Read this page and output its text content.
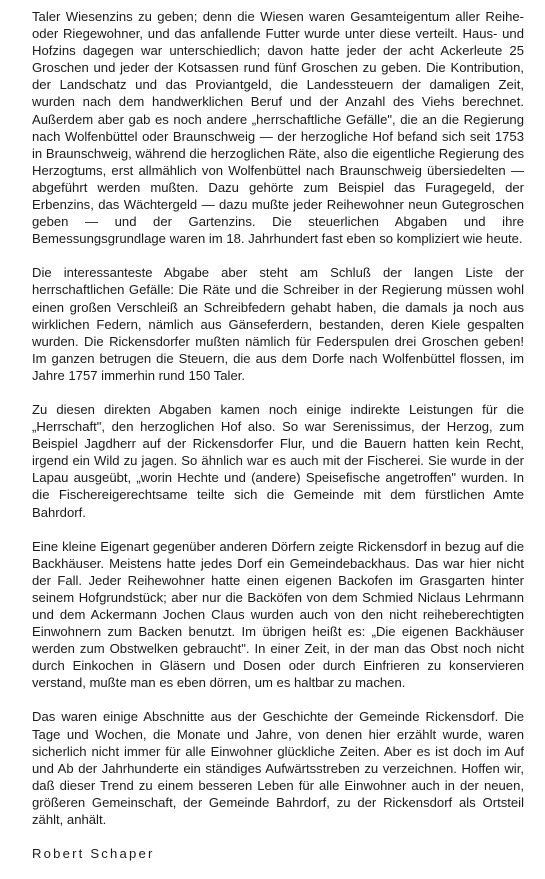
Taler Wiesenzins zu geben; denn die Wiesen waren Gesamteigentum aller Reihe- oder Riegewohner, und das anfallende Futter wurde unter diese verteilt. Haus- und Hofzins dagegen war unterschiedlich; davon hatte jeder der acht Ackerleute 25 Groschen und jeder der Kotsassen rund fünf Groschen zu geben. Die Kontribution, der Landschatz und das Proviantgeld, die Landessteuern der damaligen Zeit, wurden nach dem handwerklichen Beruf und der Anzahl des Viehs berechnet. Außerdem aber gab es noch andere „herrschaftliche Gefälle", die an die Regierung nach Wolfenbüttel oder Braunschweig — der herzogliche Hof befand sich seit 1753 in Braunschweig, während die herzoglichen Räte, also die eigentliche Regierung des Herzogtums, erst allmählich von Wolfenbüttel nach Braunschweig übersiedelten — abgeführt werden mußten. Dazu gehörte zum Beispiel das Furagegeld, der Erbenzins, das Wächtergeld — dazu mußte jeder Reihewohner neun Gutegroschen geben — und der Gartenzins. Die steuerlichen Abgaben und ihre Bemessungsgrundlage waren im 18. Jahrhundert fast eben so kompliziert wie heute.

Die interessanteste Abgabe aber steht am Schluß der langen Liste der herrschaftlichen Gefälle: Die Räte und die Schreiber in der Regierung müssen wohl einen großen Verschleiß an Schreibfedern gehabt haben, die damals ja noch aus wirklichen Federn, nämlich aus Gänseferdern, bestanden, deren Kiele gespalten wurden. Die Rickensdorfer mußten nämlich für Federspulen drei Groschen geben! Im ganzen betrugen die Steuern, die aus dem Dorfe nach Wolfenbüttel flossen, im Jahre 1757 immerhin rund 150 Taler.

Zu diesen direkten Abgaben kamen noch einige indirekte Leistungen für die „Herrschaft", den herzoglichen Hof also. So war Serenissimus, der Herzog, zum Beispiel Jagdherr auf der Rickensdorfer Flur, und die Bauern hatten kein Recht, irgend ein Wild zu jagen. So ähnlich war es auch mit der Fischerei. Sie wurde in der Lapau ausgeübt, „worin Hechte und (andere) Speisefische angetroffen" wurden. In die Fischereigerechtsame teilte sich die Gemeinde mit dem fürstlichen Amte Bahrdorf.

Eine kleine Eigenart gegenüber anderen Dörfern zeigte Rickensdorf in bezug auf die Backhäuser. Meistens hatte jedes Dorf ein Gemeindebackhaus. Das war hier nicht der Fall. Jeder Reihewohner hatte einen eigenen Backofen im Grasgarten hinter seinem Hofgrundstück; aber nur die Backöfen von dem Schmied Niclaus Lehrmann und dem Ackermann Jochen Claus wurden auch von den nicht reiheberechtigten Einwohnern zum Backen benutzt. Im übrigen heißt es: „Die eigenen Backhäuser werden zum Obstwelken gebraucht". In einer Zeit, in der man das Obst noch nicht durch Einkochen in Gläsern und Dosen oder durch Einfrieren zu konservieren verstand, mußte man es eben dörren, um es haltbar zu machen.

Das waren einige Abschnitte aus der Geschichte der Gemeinde Rickensdorf. Die Tage und Wochen, die Monate und Jahre, von denen hier erzählt wurde, waren sicherlich nicht immer für alle Einwohner glückliche Zeiten. Aber es ist doch im Auf und Ab der Jahrhunderte ein ständiges Aufwärtsstreben zu verzeichnen. Hoffen wir, daß dieser Trend zu einem besseren Leben für alle Einwohner auch in der neuen, größeren Gemeinschaft, der Gemeinde Bahrdorf, zu der Rickensdorf als Ortsteil zählt, anhält.

Robert Schaper
